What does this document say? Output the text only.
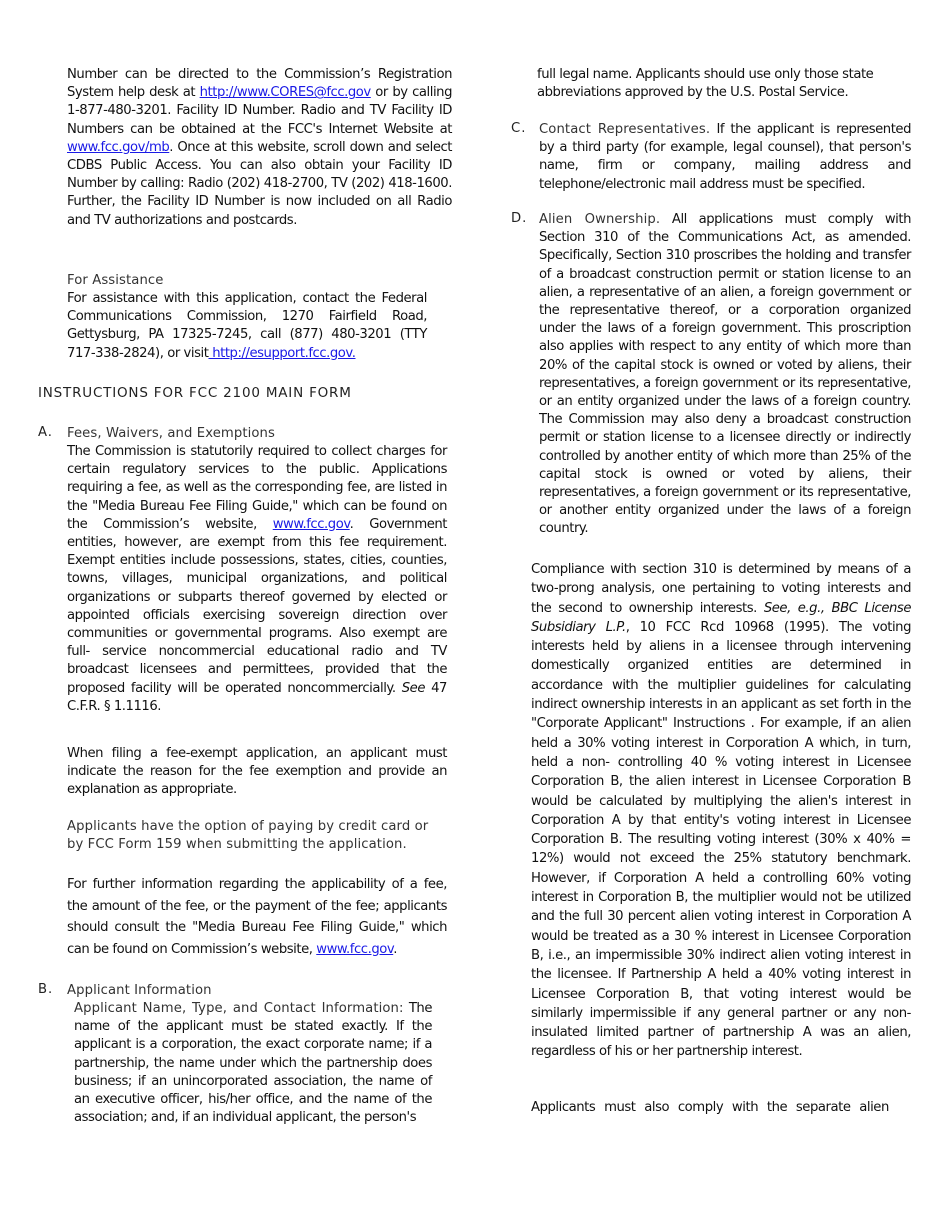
Number can be directed to the Commission’s Registration System help desk at http://www.CORES@fcc.gov or by calling 1-877-480-3201. Facility ID Number. Radio and TV Facility ID Numbers can be obtained at the FCC's Internet Website at www.fcc.gov/mb. Once at this website, scroll down and select CDBS Public Access. You can also obtain your Facility ID Number by calling: Radio (202) 418-2700, TV (202) 418-1600. Further, the Facility ID Number is now included on all Radio and TV authorizations and postcards.
For Assistance
For assistance with this application, contact the Federal Communications Commission, 1270 Fairfield Road, Gettysburg, PA 17325-7245, call (877) 480-3201 (TTY 717-338-2824), or visit http://esupport.fcc.gov.
INSTRUCTIONS FOR FCC 2100 MAIN FORM
A. Fees, Waivers, and Exemptions
The Commission is statutorily required to collect charges for certain regulatory services to the public. Applications requiring a fee, as well as the corresponding fee, are listed in the "Media Bureau Fee Filing Guide," which can be found on the Commission’s website, www.fcc.gov. Government entities, however, are exempt from this fee requirement. Exempt entities include possessions, states, cities, counties, towns, villages, municipal organizations, and political organizations or subparts thereof governed by elected or appointed officials exercising sovereign direction over communities or governmental programs. Also exempt are full- service noncommercial educational radio and TV broadcast licensees and permittees, provided that the proposed facility will be operated noncommercially. See 47 C.F.R. § 1.1116.
When filing a fee-exempt application, an applicant must indicate the reason for the fee exemption and provide an explanation as appropriate.
Applicants have the option of paying by credit card or by FCC Form 159 when submitting the application.
For further information regarding the applicability of a fee, the amount of the fee, or the payment of the fee; applicants should consult the "Media Bureau Fee Filing Guide," which can be found on Commission’s website, www.fcc.gov.
B. Applicant Information
Applicant Name, Type, and Contact Information: The name of the applicant must be stated exactly. If the applicant is a corporation, the exact corporate name; if a partnership, the name under which the partnership does business; if an unincorporated association, the name of an executive officer, his/her office, and the name of the association; and, if an individual applicant, the person's
full legal name. Applicants should use only those state abbreviations approved by the U.S. Postal Service.
C. Contact Representatives. If the applicant is represented by a third party (for example, legal counsel), that person's name, firm or company, mailing address and telephone/electronic mail address must be specified.
D. Alien Ownership. All applications must comply with Section 310 of the Communications Act, as amended. Specifically, Section 310 proscribes the holding and transfer of a broadcast construction permit or station license to an alien, a representative of an alien, a foreign government or the representative thereof, or a corporation organized under the laws of a foreign government. This proscription also applies with respect to any entity of which more than 20% of the capital stock is owned or voted by aliens, their representatives, a foreign government or its representative, or an entity organized under the laws of a foreign country. The Commission may also deny a broadcast construction permit or station license to a licensee directly or indirectly controlled by another entity of which more than 25% of the capital stock is owned or voted by aliens, their representatives, a foreign government or its representative, or another entity organized under the laws of a foreign country.
Compliance with section 310 is determined by means of a two-prong analysis, one pertaining to voting interests and the second to ownership interests. See, e.g., BBC License Subsidiary L.P., 10 FCC Rcd 10968 (1995). The voting interests held by aliens in a licensee through intervening domestically organized entities are determined in accordance with the multiplier guidelines for calculating indirect ownership interests in an applicant as set forth in the "Corporate Applicant" Instructions . For example, if an alien held a 30% voting interest in Corporation A which, in turn, held a non- controlling 40 % voting interest in Licensee Corporation B, the alien interest in Licensee Corporation B would be calculated by multiplying the alien's interest in Corporation A by that entity's voting interest in Licensee Corporation B. The resulting voting interest (30% x 40% = 12%) would not exceed the 25% statutory benchmark. However, if Corporation A held a controlling 60% voting interest in Corporation B, the multiplier would not be utilized and the full 30 percent alien voting interest in Corporation A would be treated as a 30 % interest in Licensee Corporation B, i.e., an impermissible 30% indirect alien voting interest in the licensee. If Partnership A held a 40% voting interest in Licensee Corporation B, that voting interest would be similarly impermissible if any general partner or any non-insulated limited partner of partnership A was an alien, regardless of his or her partnership interest.
Applicants must also comply with the separate alien
